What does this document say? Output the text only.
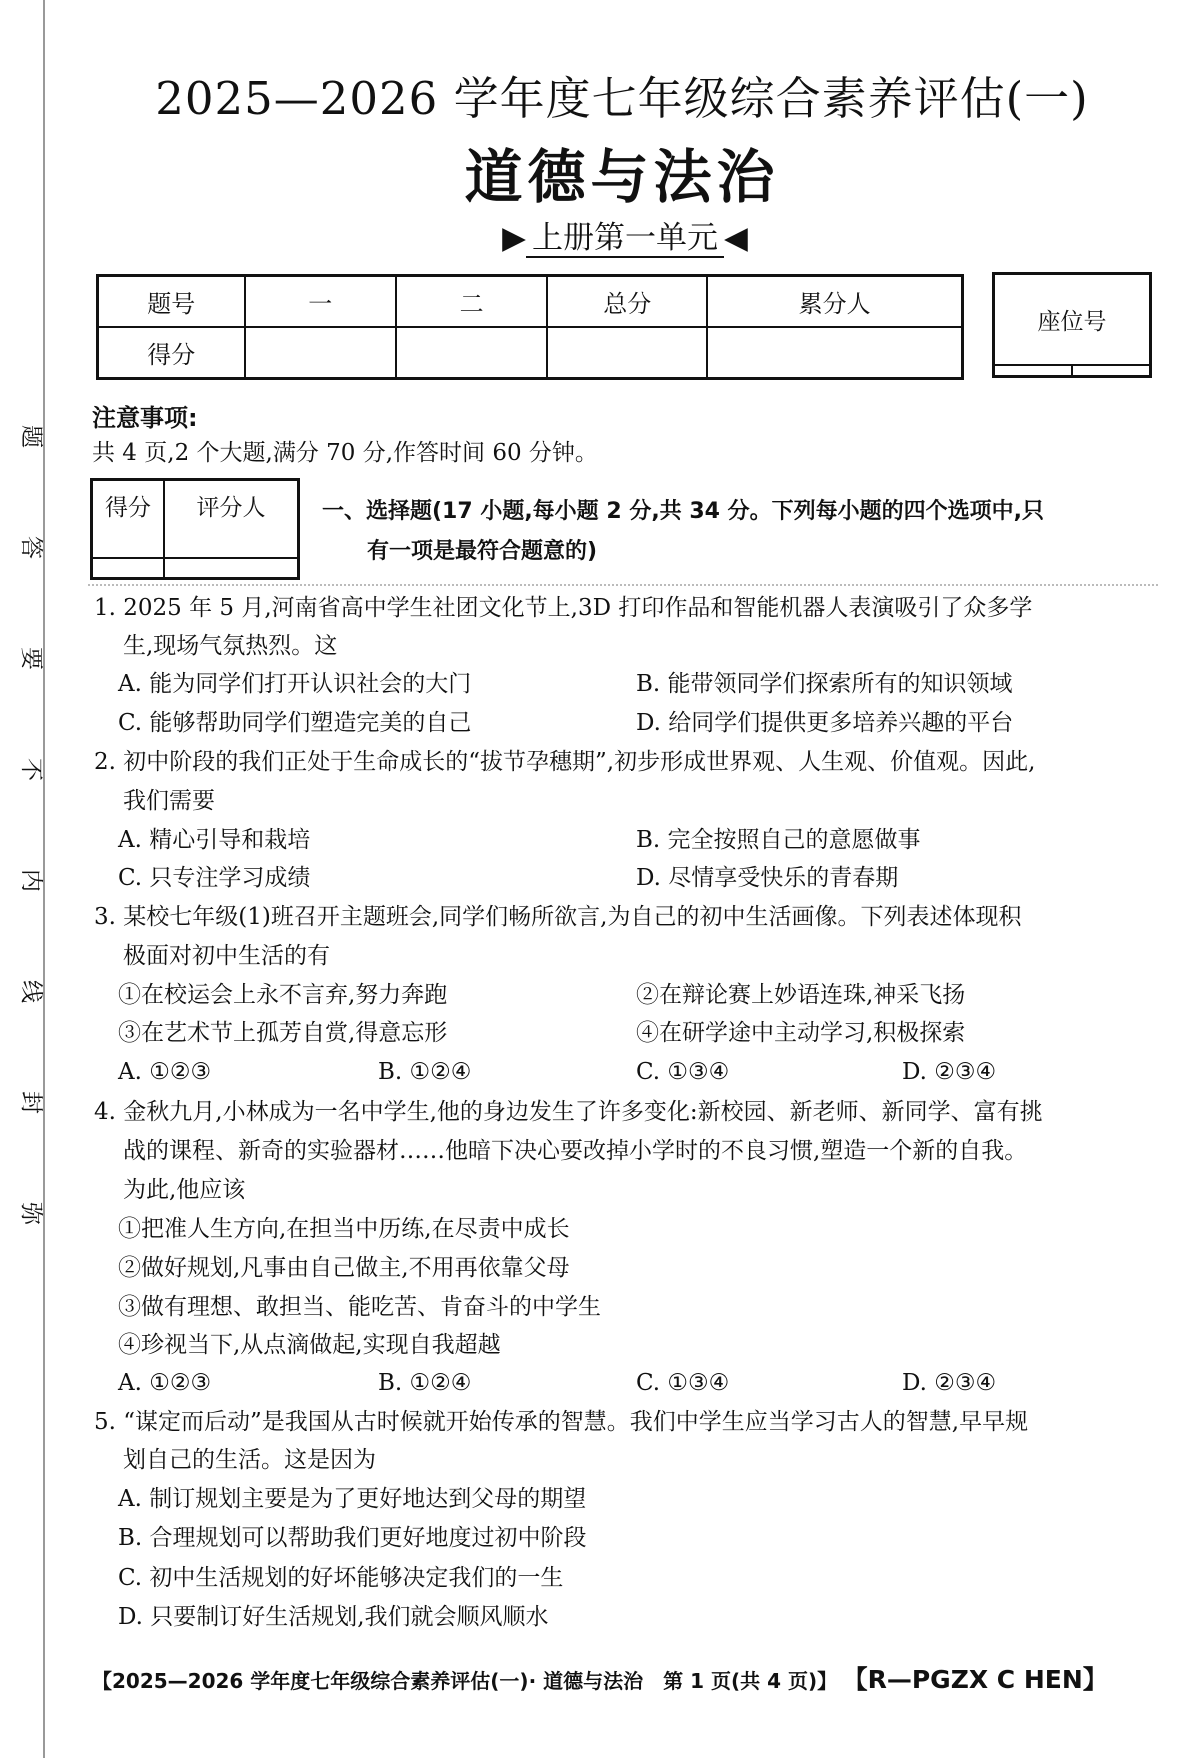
题
答
要
不
内
线
封
弥
2025—2026 学年度七年级综合素养评估(一)
道德与法治
▶ 上册第一单元 ◀
题号	一	二	总分	累分人
得分				
座位号

注意事项:
共 4 页,2 个大题,满分 70 分,作答时间 60 分钟。
得分	评分人
		一、选择题(17 小题,每小题 2 分,共 34 分。下列每小题的四个选项中,只
有一项是最符合题意的)
1. 2025 年 5 月,河南省高中学生社团文化节上,3D 打印作品和智能机器人表演吸引了众多学
生,现场气氛热烈。这
A. 能为同学们打开认识社会的大门	B. 能带领同学们探索所有的知识领域
C. 能够帮助同学们塑造完美的自己	D. 给同学们提供更多培养兴趣的平台
2. 初中阶段的我们正处于生命成长的“拔节孕穗期”,初步形成世界观、人生观、价值观。因此,
我们需要
A. 精心引导和栽培	B. 完全按照自己的意愿做事
C. 只专注学习成绩	D. 尽情享受快乐的青春期
3. 某校七年级(1)班召开主题班会,同学们畅所欲言,为自己的初中生活画像。下列表述体现积
极面对初中生活的有
①在校运会上永不言弃,努力奔跑	②在辩论赛上妙语连珠,神采飞扬
③在艺术节上孤芳自赏,得意忘形	④在研学途中主动学习,积极探索
A. ①②③	B. ①②④	C. ①③④	D. ②③④
4. 金秋九月,小林成为一名中学生,他的身边发生了许多变化:新校园、新老师、新同学、富有挑
战的课程、新奇的实验器材……他暗下决心要改掉小学时的不良习惯,塑造一个新的自我。
为此,他应该
①把准人生方向,在担当中历练,在尽责中成长
②做好规划,凡事由自己做主,不用再依靠父母
③做有理想、敢担当、能吃苦、肯奋斗的中学生
④珍视当下,从点滴做起,实现自我超越
A. ①②③	B. ①②④	C. ①③④	D. ②③④
5. “谋定而后动”是我国从古时候就开始传承的智慧。我们中学生应当学习古人的智慧,早早规
划自己的生活。这是因为
A. 制订规划主要是为了更好地达到父母的期望
B. 合理规划可以帮助我们更好地度过初中阶段
C. 初中生活规划的好坏能够决定我们的一生
D. 只要制订好生活规划,我们就会顺风顺水
【2025—2026 学年度七年级综合素养评估(一)· 道德与法治　第 1 页(共 4 页)】 【R—PGZX C HEN】
